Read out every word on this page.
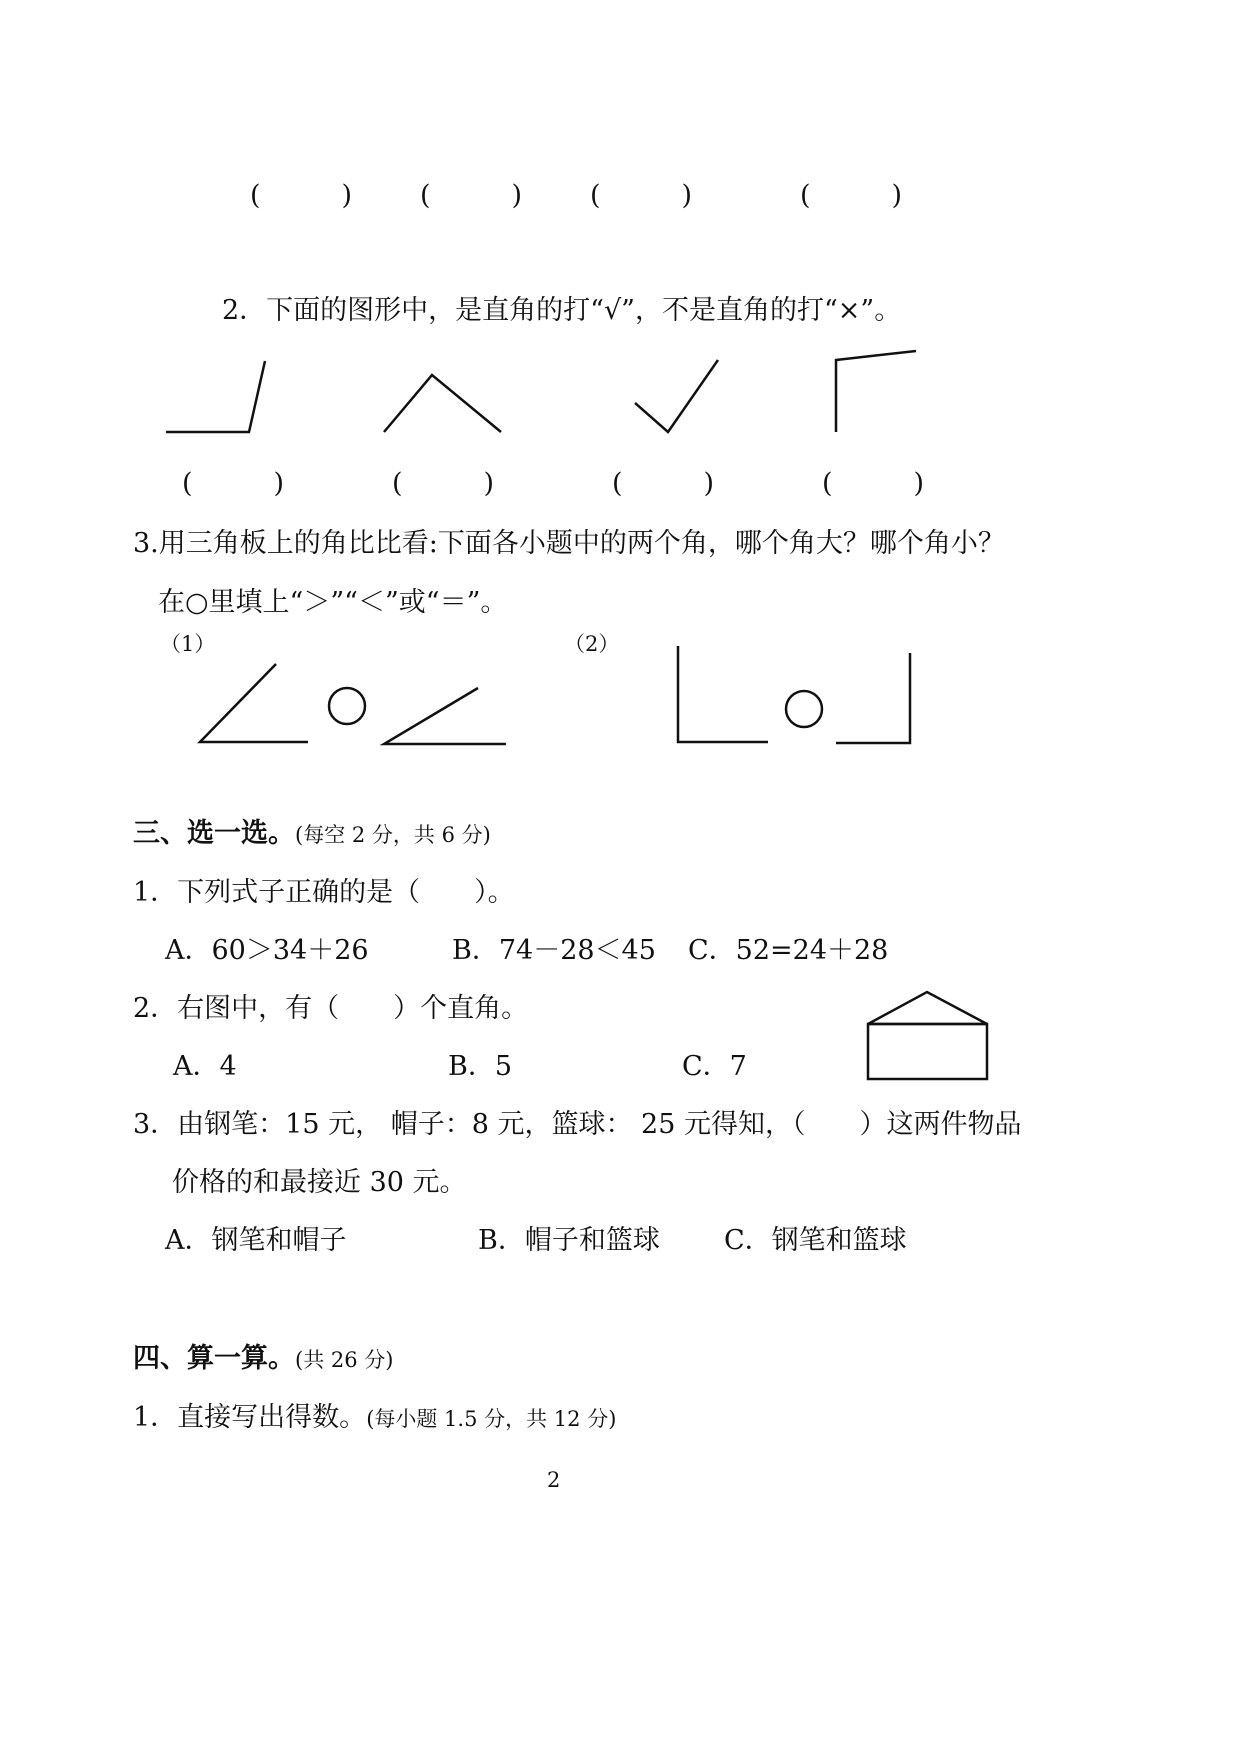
(　　　)	(　　　)	(　　　)	(　　　)
2．下面的图形中，是直角的打“√”，不是直角的打“×”。
(　　　)	(　　　)	(　　　)	(　　　)
3.用三角板上的角比比看:下面各小题中的两个角，哪个角大？哪个角小？
在○里填上“＞”“＜”或“＝”。
（1）	（2）
三、选一选。(每空 2 分，共 6 分)
1．下列式子正确的是（　　）。
A．60＞34＋26	B．74－28＜45 C．52=24＋28
2．右图中，有（　　）个直角。
A．4	B．5	C．7
3．由钢笔：15 元， 帽子：8 元，篮球： 25 元得知，（　　）这两件物品
价格的和最接近 30 元。
A．钢笔和帽子	B．帽子和篮球 C．钢笔和篮球
四、算一算。(共 26 分)
1．直接写出得数。(每小题 1.5 分，共 12 分)
2
